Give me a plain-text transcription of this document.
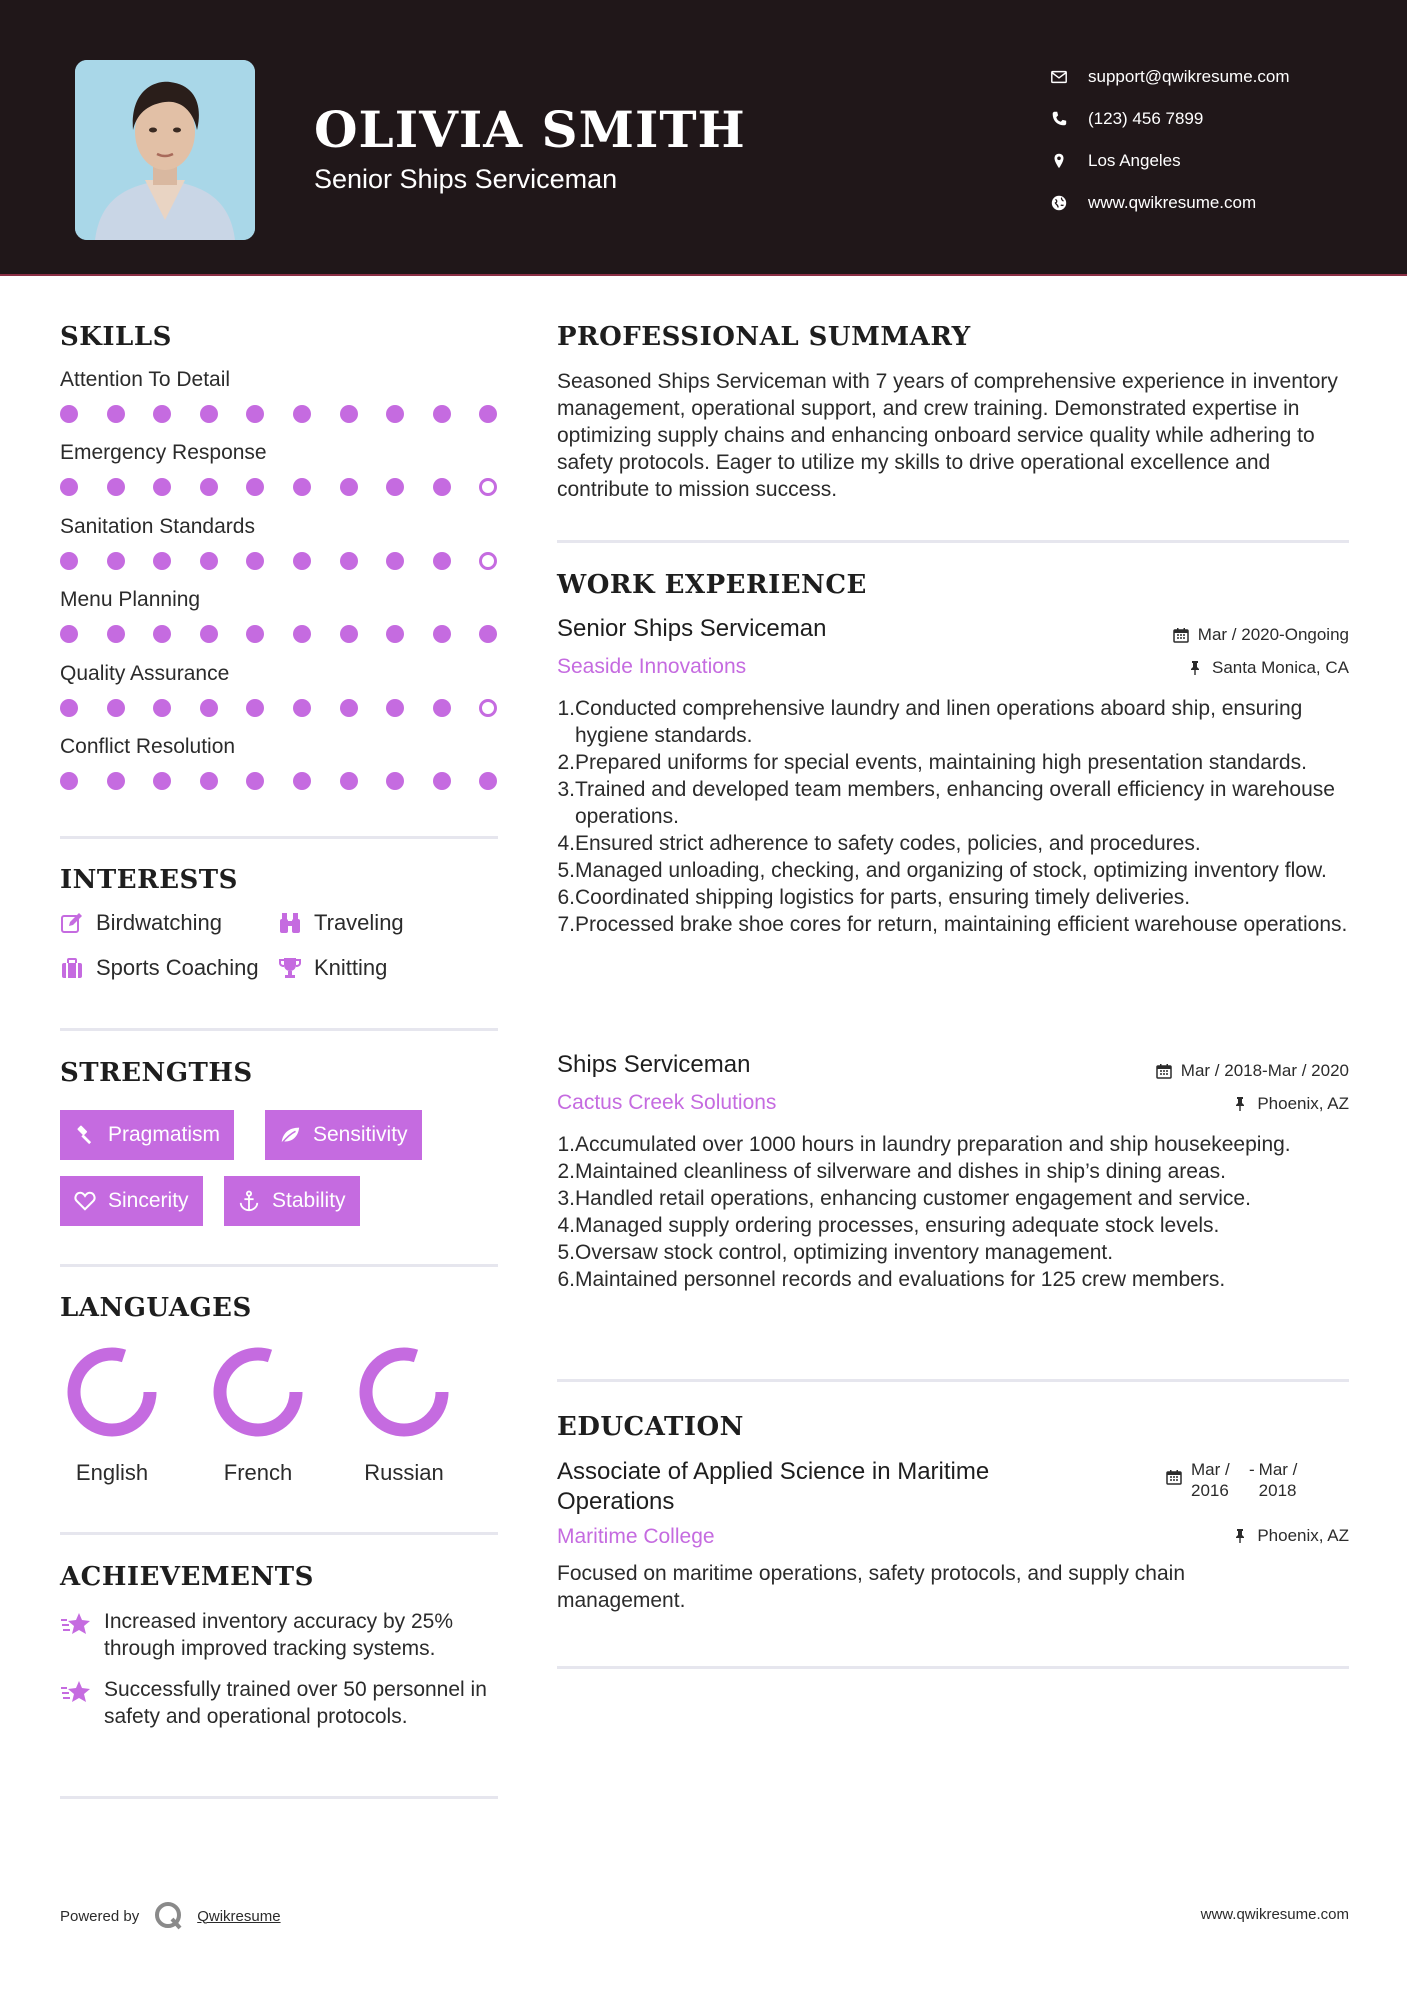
OLIVIA SMITH
Senior Ships Serviceman
support@qwikresume.com
(123) 456 7899
Los Angeles
www.qwikresume.com
SKILLS
Attention To Detail
Emergency Response
Sanitation Standards
Menu Planning
Quality Assurance
Conflict Resolution
INTERESTS
Birdwatching	Traveling
Sports Coaching	Knitting
STRENGTHS
Pragmatism	Sensitivity
Sincerity	Stability
LANGUAGES
English	French	Russian
ACHIEVEMENTS
Increased inventory accuracy by 25% through improved tracking systems.
Successfully trained over 50 personnel in safety and operational protocols.
PROFESSIONAL SUMMARY
Seasoned Ships Serviceman with 7 years of comprehensive experience in inventory management, operational support, and crew training. Demonstrated expertise in optimizing supply chains and enhancing onboard service quality while adhering to safety protocols. Eager to utilize my skills to drive operational excellence and contribute to mission success.
WORK EXPERIENCE
Senior Ships Serviceman	Mar / 2020-Ongoing
Seaside Innovations	Santa Monica, CA
1. Conducted comprehensive laundry and linen operations aboard ship, ensuring hygiene standards.
2. Prepared uniforms for special events, maintaining high presentation standards.
3. Trained and developed team members, enhancing overall efficiency in warehouse operations.
4. Ensured strict adherence to safety codes, policies, and procedures.
5. Managed unloading, checking, and organizing of stock, optimizing inventory flow.
6. Coordinated shipping logistics for parts, ensuring timely deliveries.
7. Processed brake shoe cores for return, maintaining efficient warehouse operations.
Ships Serviceman	Mar / 2018-Mar / 2020
Cactus Creek Solutions	Phoenix, AZ
1. Accumulated over 1000 hours in laundry preparation and ship housekeeping.
2. Maintained cleanliness of silverware and dishes in ship’s dining areas.
3. Handled retail operations, enhancing customer engagement and service.
4. Managed supply ordering processes, ensuring adequate stock levels.
5. Oversaw stock control, optimizing inventory management.
6. Maintained personnel records and evaluations for 125 crew members.
EDUCATION
Associate of Applied Science in Maritime Operations
Mar / 2016
- Mar / 2018
Maritime College	Phoenix, AZ
Focused on maritime operations, safety protocols, and supply chain management.
Powered by	Qwikresume	www.qwikresume.com
